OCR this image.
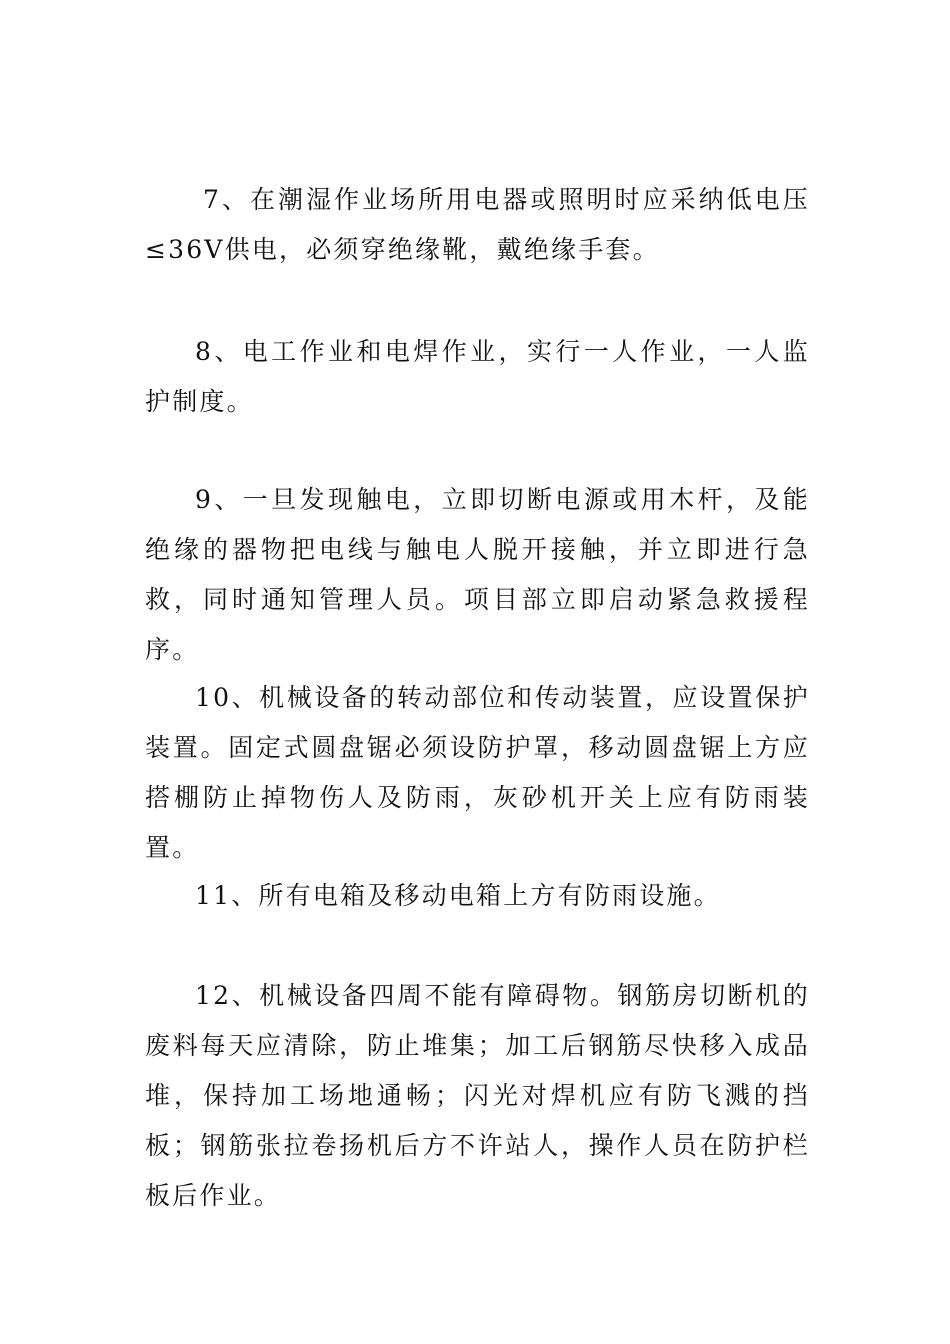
7、在潮湿作业场所用电器或照明时应采纳低电压≤36V供电，必须穿绝缘靴，戴绝缘手套。

8、电工作业和电焊作业，实行一人作业，一人监护制度。

9、一旦发现触电，立即切断电源或用木杆，及能绝缘的器物把电线与触电人脱开接触，并立即进行急救，同时通知管理人员。项目部立即启动紧急救援程序。

10、机械设备的转动部位和传动装置，应设置保护装置。固定式圆盘锯必须设防护罩，移动圆盘锯上方应搭棚防止掉物伤人及防雨，灰砂机开关上应有防雨装置。

11、所有电箱及移动电箱上方有防雨设施。

12、机械设备四周不能有障碍物。钢筋房切断机的废料每天应清除，防止堆集；加工后钢筋尽快移入成品堆，保持加工场地通畅；闪光对焊机应有防飞溅的挡板；钢筋张拉卷扬机后方不许站人，操作人员在防护栏板后作业。
